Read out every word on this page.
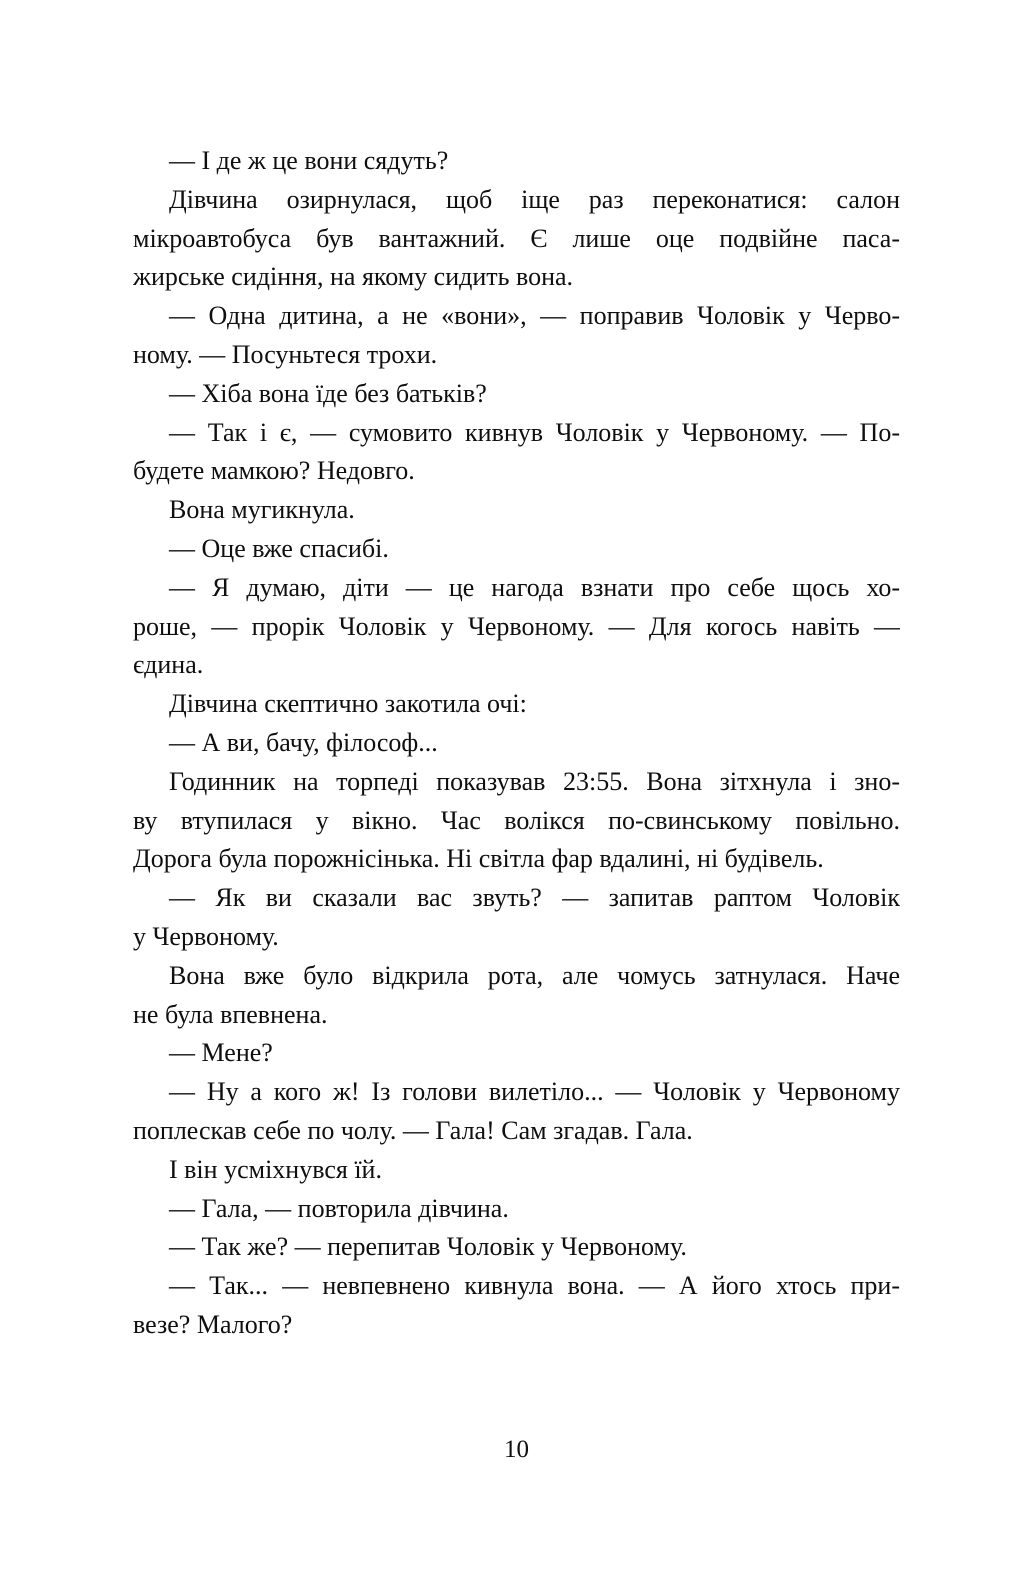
— І де ж це вони сядуть?
Дівчина озирнулася, щоб іще раз переконатися: салон
мікроавтобуса був вантажний. Є лише оце подвійне паса-
жирське сидіння, на якому сидить вона.
— Одна дитина, а не «вони», — поправив Чоловік у Черво-
ному. — Посуньтеся трохи.
— Хіба вона їде без батьків?
— Так і є, — сумовито кивнув Чоловік у Червоному. — По-
будете мамкою? Недовго.
Вона мугикнула.
— Оце вже спасибі.
— Я думаю, діти — це нагода взнати про себе щось хо-
роше, — прорік Чоловік у Червоному. — Для когось навіть —
єдина.
Дівчина скептично закотила очі:
— А ви, бачу, філософ...
Годинник на торпеді показував 23:55. Вона зітхнула і зно-
ву втупилася у вікно. Час волікся по-свинському повільно.
Дорога була порожнісінька. Ні світла фар вдалині, ні будівель.
— Як ви сказали вас звуть? — запитав раптом Чоловік
у Червоному.
Вона вже було відкрила рота, але чомусь затнулася. Наче
не була впевнена.
— Мене?
— Ну а кого ж! Із голови вилетіло... — Чоловік у Червоному
поплескав себе по чолу. — Гала! Сам згадав. Гала.
І він усміхнувся їй.
— Гала, — повторила дівчина.
— Так же? — перепитав Чоловік у Червоному.
— Так... — невпевнено кивнула вона. — А його хтось при-
везе? Малого?
10
